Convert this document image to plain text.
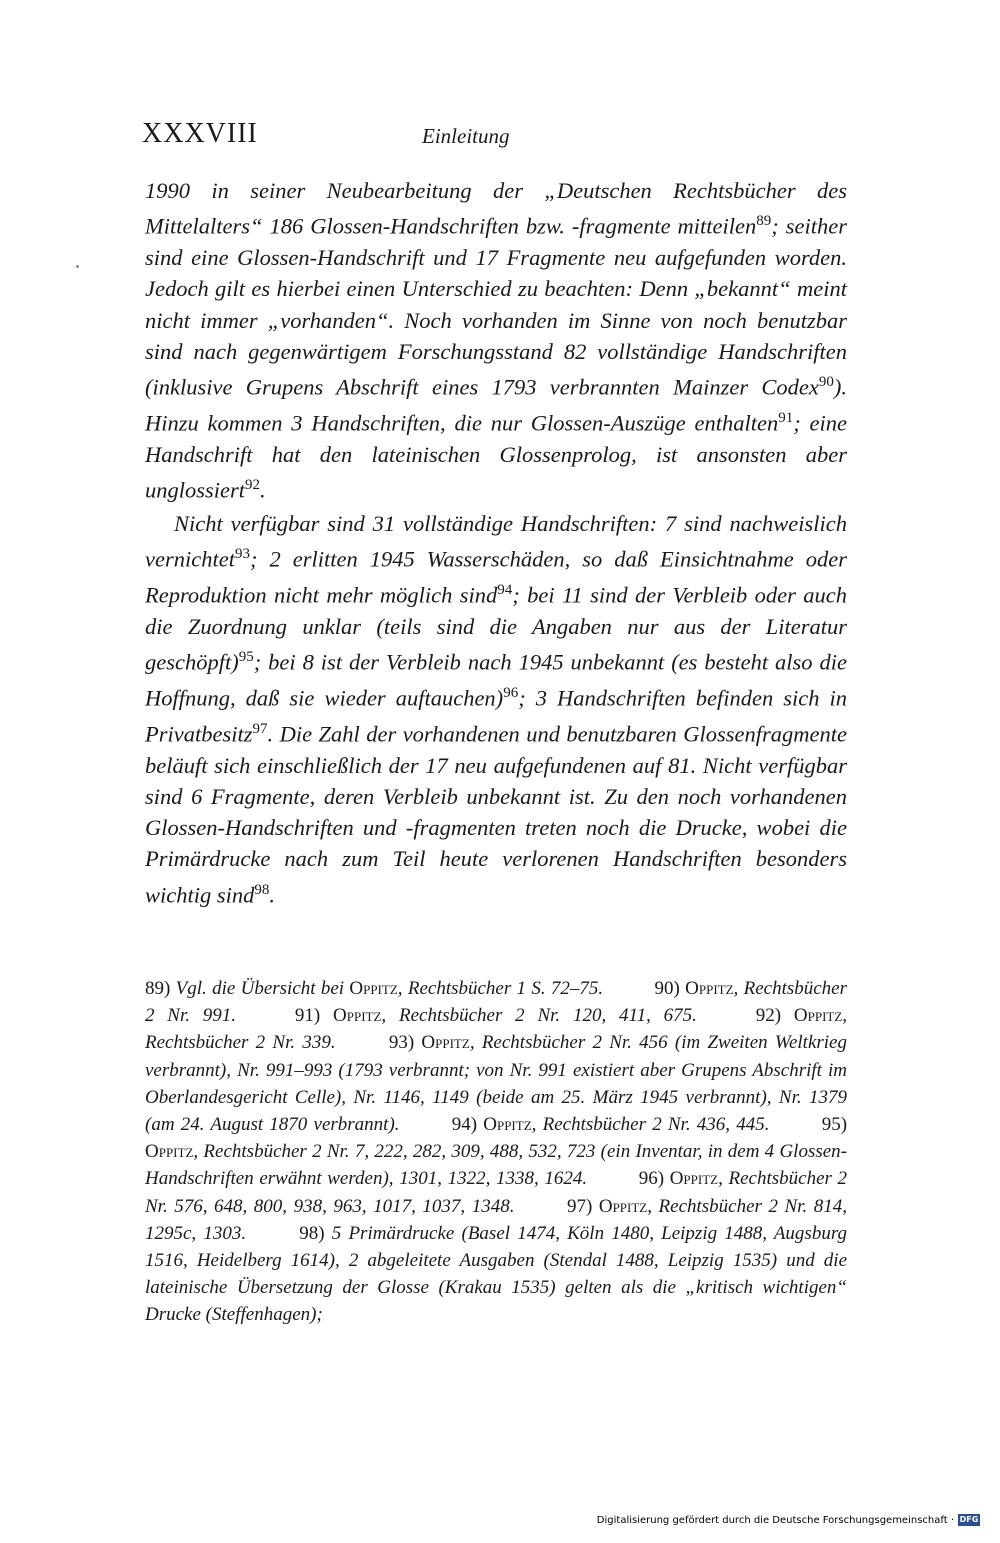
XXXVIII	Einleitung

1990 in seiner Neubearbeitung der „Deutschen Rechtsbücher des Mittelalters“ 186 Glossen-Handschriften bzw. -fragmente mitteilen$^{89}$; seither sind eine Glossen-Handschrift und 17 Fragmente neu aufgefunden worden. Jedoch gilt es hierbei einen Unterschied zu beachten: Denn „bekannt“ meint nicht immer „vorhanden“. Noch vorhanden im Sinne von noch benutzbar sind nach gegenwärtigem Forschungsstand 82 vollständige Handschriften (inklusive Grupens Abschrift eines 1793 verbrannten Mainzer Codex$^{90}$). Hinzu kommen 3 Handschriften, die nur Glossen-Auszüge enthalten$^{91}$; eine Handschrift hat den lateinischen Glossenprolog, ist ansonsten aber unglossiert$^{92}$.

Nicht verfügbar sind 31 vollständige Handschriften: 7 sind nachweislich vernichtet$^{93}$; 2 erlitten 1945 Wasserschäden, so daß Einsichtnahme oder Reproduktion nicht mehr möglich sind$^{94}$; bei 11 sind der Verbleib oder auch die Zuordnung unklar (teils sind die Angaben nur aus der Literatur geschöpft)$^{95}$; bei 8 ist der Verbleib nach 1945 unbekannt (es besteht also die Hoffnung, daß sie wieder auftauchen)$^{96}$; 3 Handschriften befinden sich in Privatbesitz$^{97}$. Die Zahl der vorhandenen und benutzbaren Glossenfragmente beläuft sich einschließlich der 17 neu aufgefundenen auf 81. Nicht verfügbar sind 6 Fragmente, deren Verbleib unbekannt ist. Zu den noch vorhandenen Glossen-Handschriften und -fragmenten treten noch die Drucke, wobei die Primärdrucke nach zum Teil heute verlorenen Handschriften besonders wichtig sind$^{98}$.

89) Vgl. die Übersicht bei Oppitz, Rechtsbücher 1 S. 72–75.	90) Oppitz, Rechtsbücher 2 Nr. 991.	91) Oppitz, Rechtsbücher 2 Nr. 120, 411, 675.	92) Oppitz, Rechtsbücher 2 Nr. 339.	93) Oppitz, Rechtsbücher 2 Nr. 456 (im Zweiten Weltkrieg verbrannt), Nr. 991–993 (1793 verbrannt; von Nr. 991 existiert aber Grupens Abschrift im Oberlandesgericht Celle), Nr. 1146, 1149 (beide am 25. März 1945 verbrannt), Nr. 1379 (am 24. August 1870 verbrannt).	94) Oppitz, Rechtsbücher 2 Nr. 436, 445.	95) Oppitz, Rechtsbücher 2 Nr. 7, 222, 282, 309, 488, 532, 723 (ein Inventar, in dem 4 Glossen-Handschriften erwähnt werden), 1301, 1322, 1338, 1624.	96) Oppitz, Rechtsbücher 2 Nr. 576, 648, 800, 938, 963, 1017, 1037, 1348.	97) Oppitz, Rechtsbücher 2 Nr. 814, 1295c, 1303.	98) 5 Primärdrucke (Basel 1474, Köln 1480, Leipzig 1488, Augsburg 1516, Heidelberg 1614), 2 abgeleitete Ausgaben (Stendal 1488, Leipzig 1535) und die lateinische Übersetzung der Glosse (Krakau 1535) gelten als die „kritisch wichtigen“ Drucke (Steffenhagen);

Digitalisierung gefördert durch die Deutsche Forschungsgemeinschaft · DFG
